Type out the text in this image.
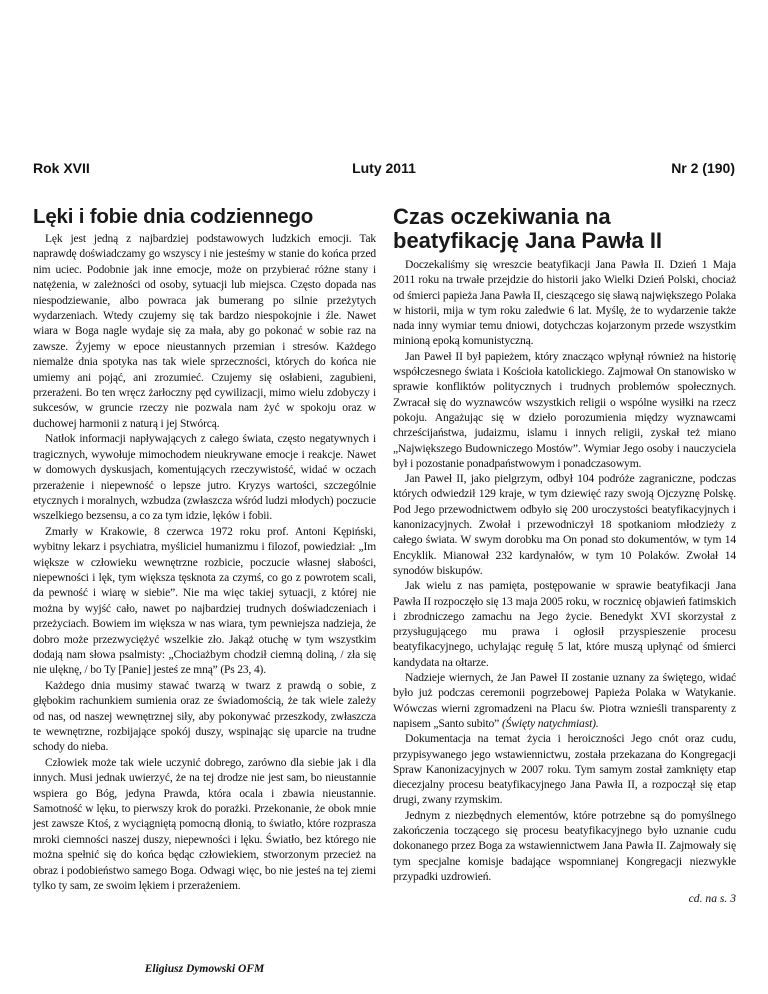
Rok XVII	Luty 2011	Nr 2 (190)
Lęki i fobie dnia codziennego

Lęk jest jedną z najbardziej podstawowych ludzkich emocji. Tak naprawdę doświadczamy go wszyscy i nie jesteśmy w stanie do końca przed nim uciec. Podobnie jak inne emocje, może on przybierać różne stany i natężenia, w zależności od osoby, sytuacji lub miejsca. Często dopada nas niespodziewanie, albo powraca jak bumerang po silnie przeżytych wydarzeniach. Wtedy czujemy się tak bardzo niespokojnie i źle. Nawet wiara w Boga nagle wydaje się za mała, aby go pokonać w sobie raz na zawsze. Żyjemy w epoce nieustannych przemian i stresów. Każdego niemalże dnia spotyka nas tak wiele sprzeczności, których do końca nie umiemy ani pojąć, ani zrozumieć. Czujemy się osłabieni, zagubieni, przerażeni. Bo ten wręcz żarłoczny pęd cywilizacji, mimo wielu zdobyczy i sukcesów, w gruncie rzeczy nie pozwala nam żyć w spokoju oraz w duchowej harmonii z naturą i jej Stwórcą.

Natłok informacji napływających z całego świata, często negatywnych i tragicznych, wywołuje mimochodem nieukrywane emocje i reakcje. Nawet w domowych dyskusjach, komentujących rzeczywistość, widać w oczach przerażenie i niepewność o lepsze jutro. Kryzys wartości, szczególnie etycznych i moralnych, wzbudza (zwłaszcza wśród ludzi młodych) poczucie wszelkiego bezsensu, a co za tym idzie, lęków i fobii.

Zmarły w Krakowie, 8 czerwca 1972 roku prof. Antoni Kępiński, wybitny lekarz i psychiatra, myśliciel humanizmu i filozof, powiedział: „Im większe w człowieku wewnętrzne rozbicie, poczucie własnej słabości, niepewności i lęk, tym większa tęsknota za czymś, co go z powrotem scali, da pewność i wiarę w siebie”. Nie ma więc takiej sytuacji, z której nie można by wyjść cało, nawet po najbardziej trudnych doświadczeniach i przeżyciach. Bowiem im większa w nas wiara, tym pewniejsza nadzieja, że dobro może przezwyciężyć wszelkie zło. Jakąż otuchę w tym wszystkim dodają nam słowa psalmisty: „Chociażbym chodził ciemną doliną, / zła się nie ulęknę, / bo Ty [Panie] jesteś ze mną” (Ps 23, 4).

Każdego dnia musimy stawać twarzą w twarz z prawdą o sobie, z głębokim rachunkiem sumienia oraz ze świadomością, że tak wiele zależy od nas, od naszej wewnętrznej siły, aby pokonywać przeszkody, zwłaszcza te wewnętrzne, rozbijające spokój duszy, wspinając się uparcie na trudne schody do nieba.

Człowiek może tak wiele uczynić dobrego, zarówno dla siebie jak i dla innych. Musi jednak uwierzyć, że na tej drodze nie jest sam, bo nieustannie wspiera go Bóg, jedyna Prawda, która ocala i zbawia nieustannie. Samotność w lęku, to pierwszy krok do porażki. Przekonanie, że obok mnie jest zawsze Ktoś, z wyciągniętą pomocną dłonią, to światło, które rozprasza mroki ciemności naszej duszy, niepewności i lęku. Światło, bez którego nie można spełnić się do końca będąc człowiekiem, stworzonym przecież na obraz i podobieństwo samego Boga. Odwagi więc, bo nie jesteś na tej ziemi tylko ty sam, ze swoim lękiem i przerażeniem.

Eligiusz Dymowski OFM
Czas oczekiwania na beatyfikację Jana Pawła II

Doczekaliśmy się wreszcie beatyfikacji Jana Pawła II. Dzień 1 Maja 2011 roku na trwałe przejdzie do historii jako Wielki Dzień Polski, chociaż od śmierci papieża Jana Pawła II, cieszącego się sławą największego Polaka w historii, mija w tym roku zaledwie 6 lat. Myślę, że to wydarzenie także nada inny wymiar temu dniowi, dotychczas kojarzonym przede wszystkim minioną epoką komunistyczną.

Jan Paweł II był papieżem, który znacząco wpłynął również na historię współczesnego świata i Kościoła katolickiego. Zajmował On stanowisko w sprawie konfliktów politycznych i trudnych problemów społecznych. Zwracał się do wyznawców wszystkich religii o wspólne wysiłki na rzecz pokoju. Angażując się w dzieło porozumienia między wyznawcami chrześcijaństwa, judaizmu, islamu i innych religii, zyskał też miano „Największego Budowniczego Mostów”. Wymiar Jego osoby i nauczyciela był i pozostanie ponadpaństwowym i ponadczasowym.

Jan Paweł II, jako pielgrzym, odbył 104 podróże zagraniczne, podczas których odwiedził 129 kraje, w tym dziewięć razy swoją Ojczyznę Polskę. Pod Jego przewodnictwem odbyło się 200 uroczystości beatyfikacyjnych i kanonizacyjnych. Zwołał i przewodniczył 18 spotkaniom młodzieży z całego świata. W swym dorobku ma On ponad sto dokumentów, w tym 14 Encyklik. Mianował 232 kardynałów, w tym 10 Polaków. Zwołał 14 synodów biskupów.

Jak wielu z nas pamięta, postępowanie w sprawie beatyfikacji Jana Pawła II rozpoczęło się 13 maja 2005 roku, w rocznicę objawień fatimskich i zbrodniczego zamachu na Jego życie. Benedykt XVI skorzystał z przysługującego mu prawa i ogłosił przyspieszenie procesu beatyfikacyjnego, uchylając regułę 5 lat, które muszą upłynąć od śmierci kandydata na ołtarze.

Nadzieje wiernych, że Jan Paweł II zostanie uznany za świętego, widać było już podczas ceremonii pogrzebowej Papieża Polaka w Watykanie. Wówczas wierni zgromadzeni na Placu św. Piotra wznieśli transparenty z napisem „Santo subito” (Święty natychmiast).

Dokumentacja na temat życia i heroiczności Jego cnót oraz cudu, przypisywanego jego wstawiennictwu, została przekazana do Kongregacji Spraw Kanonizacyjnych w 2007 roku. Tym samym został zamknięty etap diecezjalny procesu beatyfikacyjnego Jana Pawła II, a rozpoczął się etap drugi, zwany rzymskim.

Jednym z niezbędnych elementów, które potrzebne są do pomyślnego zakończenia toczącego się procesu beatyfikacyjnego było uznanie cudu dokonanego przez Boga za wstawiennictwem Jana Pawła II. Zajmowały się tym specjalne komisje badające wspomnianej Kongregacji niezwykłe przypadki uzdrowień.

cd. na s. 3
